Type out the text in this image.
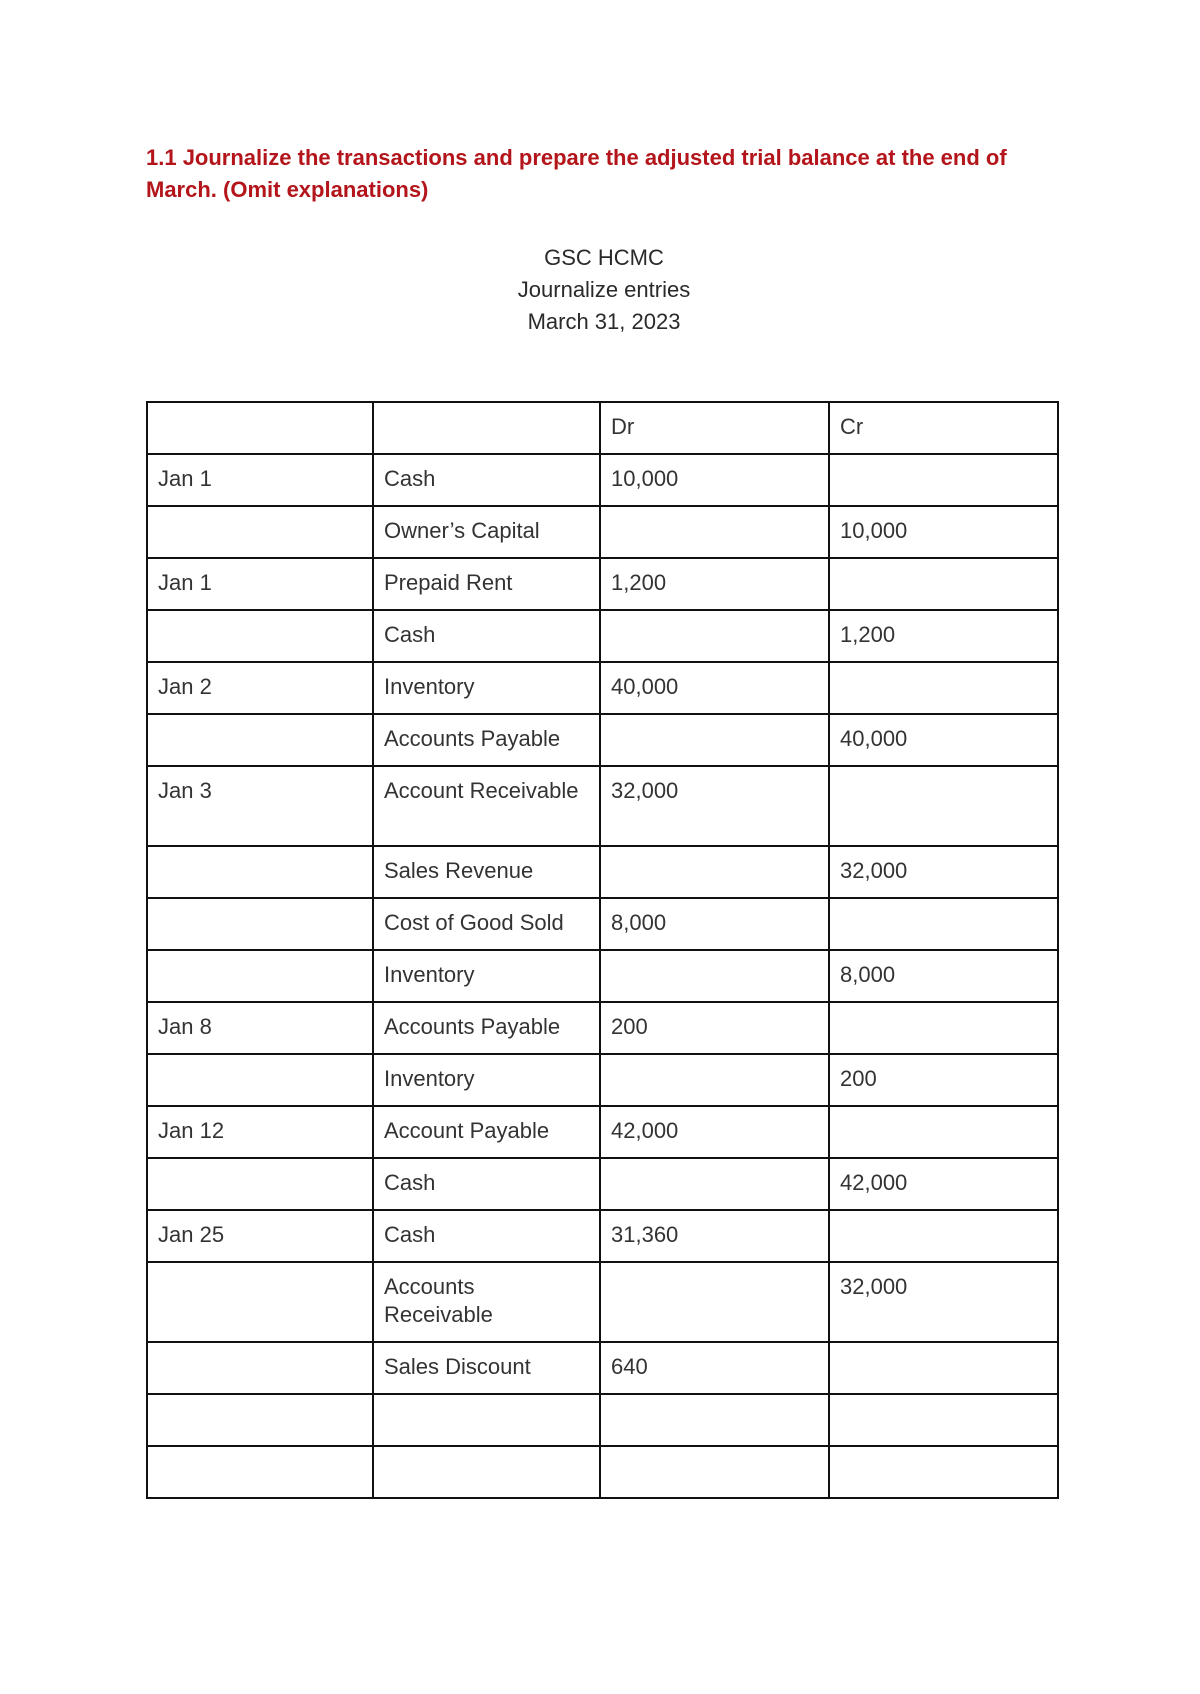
1.1 Journalize the transactions and prepare the adjusted trial balance at the end of March. (Omit explanations)
GSC HCMC
Journalize entries
March 31, 2023
		Dr	Cr
Jan 1	Cash	10,000	
	Owner’s Capital		10,000
Jan 1	Prepaid Rent	1,200	
	Cash		1,200
Jan 2	Inventory	40,000	
	Accounts Payable		40,000
Jan 3	Account Receivable	32,000	
	Sales Revenue		32,000
	Cost of Good Sold	8,000	
	Inventory		8,000
Jan 8	Accounts Payable	200	
	Inventory		200
Jan 12	Account Payable	42,000	
	Cash		42,000
Jan 25	Cash	31,360	
	Accounts Receivable		32,000
	Sales Discount	640	
